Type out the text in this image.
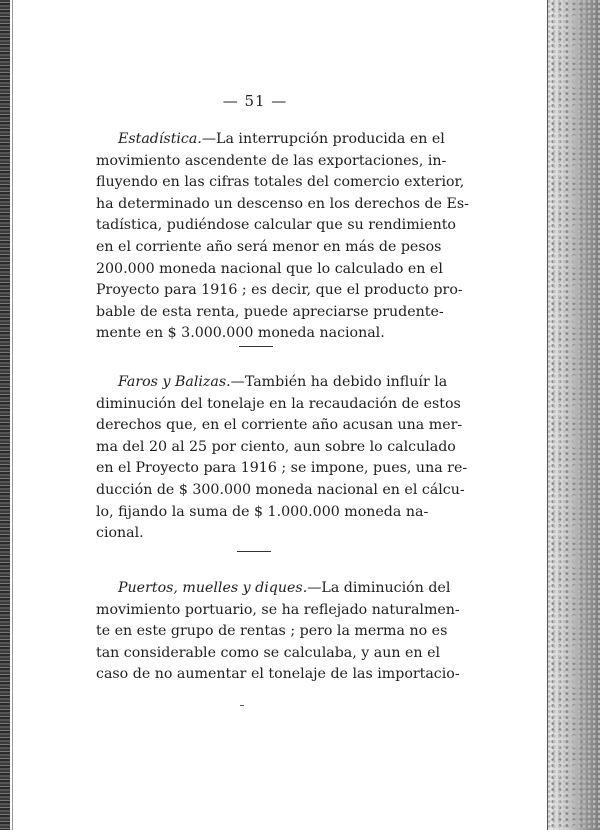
— 51 —
Estadística.—La interrupción producida en el
movimiento ascendente de las exportaciones, in-
fluyendo en las cifras totales del comercio exterior,
ha determinado un descenso en los derechos de Es-
tadística, pudiéndose calcular que su rendimiento
en el corriente año será menor en más de pesos
200.000 moneda nacional que lo calculado en el
Proyecto para 1916 ; es decir, que el producto pro-
bable de esta renta, puede apreciarse prudente-
mente en $ 3.000.000 moneda nacional.
Faros y Balizas.—También ha debido influír la
diminución del tonelaje en la recaudación de estos
derechos que, en el corriente año acusan una mer-
ma del 20 al 25 por ciento, aun sobre lo calculado
en el Proyecto para 1916 ; se impone, pues, una re-
ducción de $ 300.000 moneda nacional en el cálcu-
lo, fijando la suma de $ 1.000.000 moneda na-
cional.
Puertos, muelles y diques.—La diminución del
movimiento portuario, se ha reflejado naturalmen-
te en este grupo de rentas ; pero la merma no es
tan considerable como se calculaba, y aun en el
caso de no aumentar el tonelaje de las importacio-
